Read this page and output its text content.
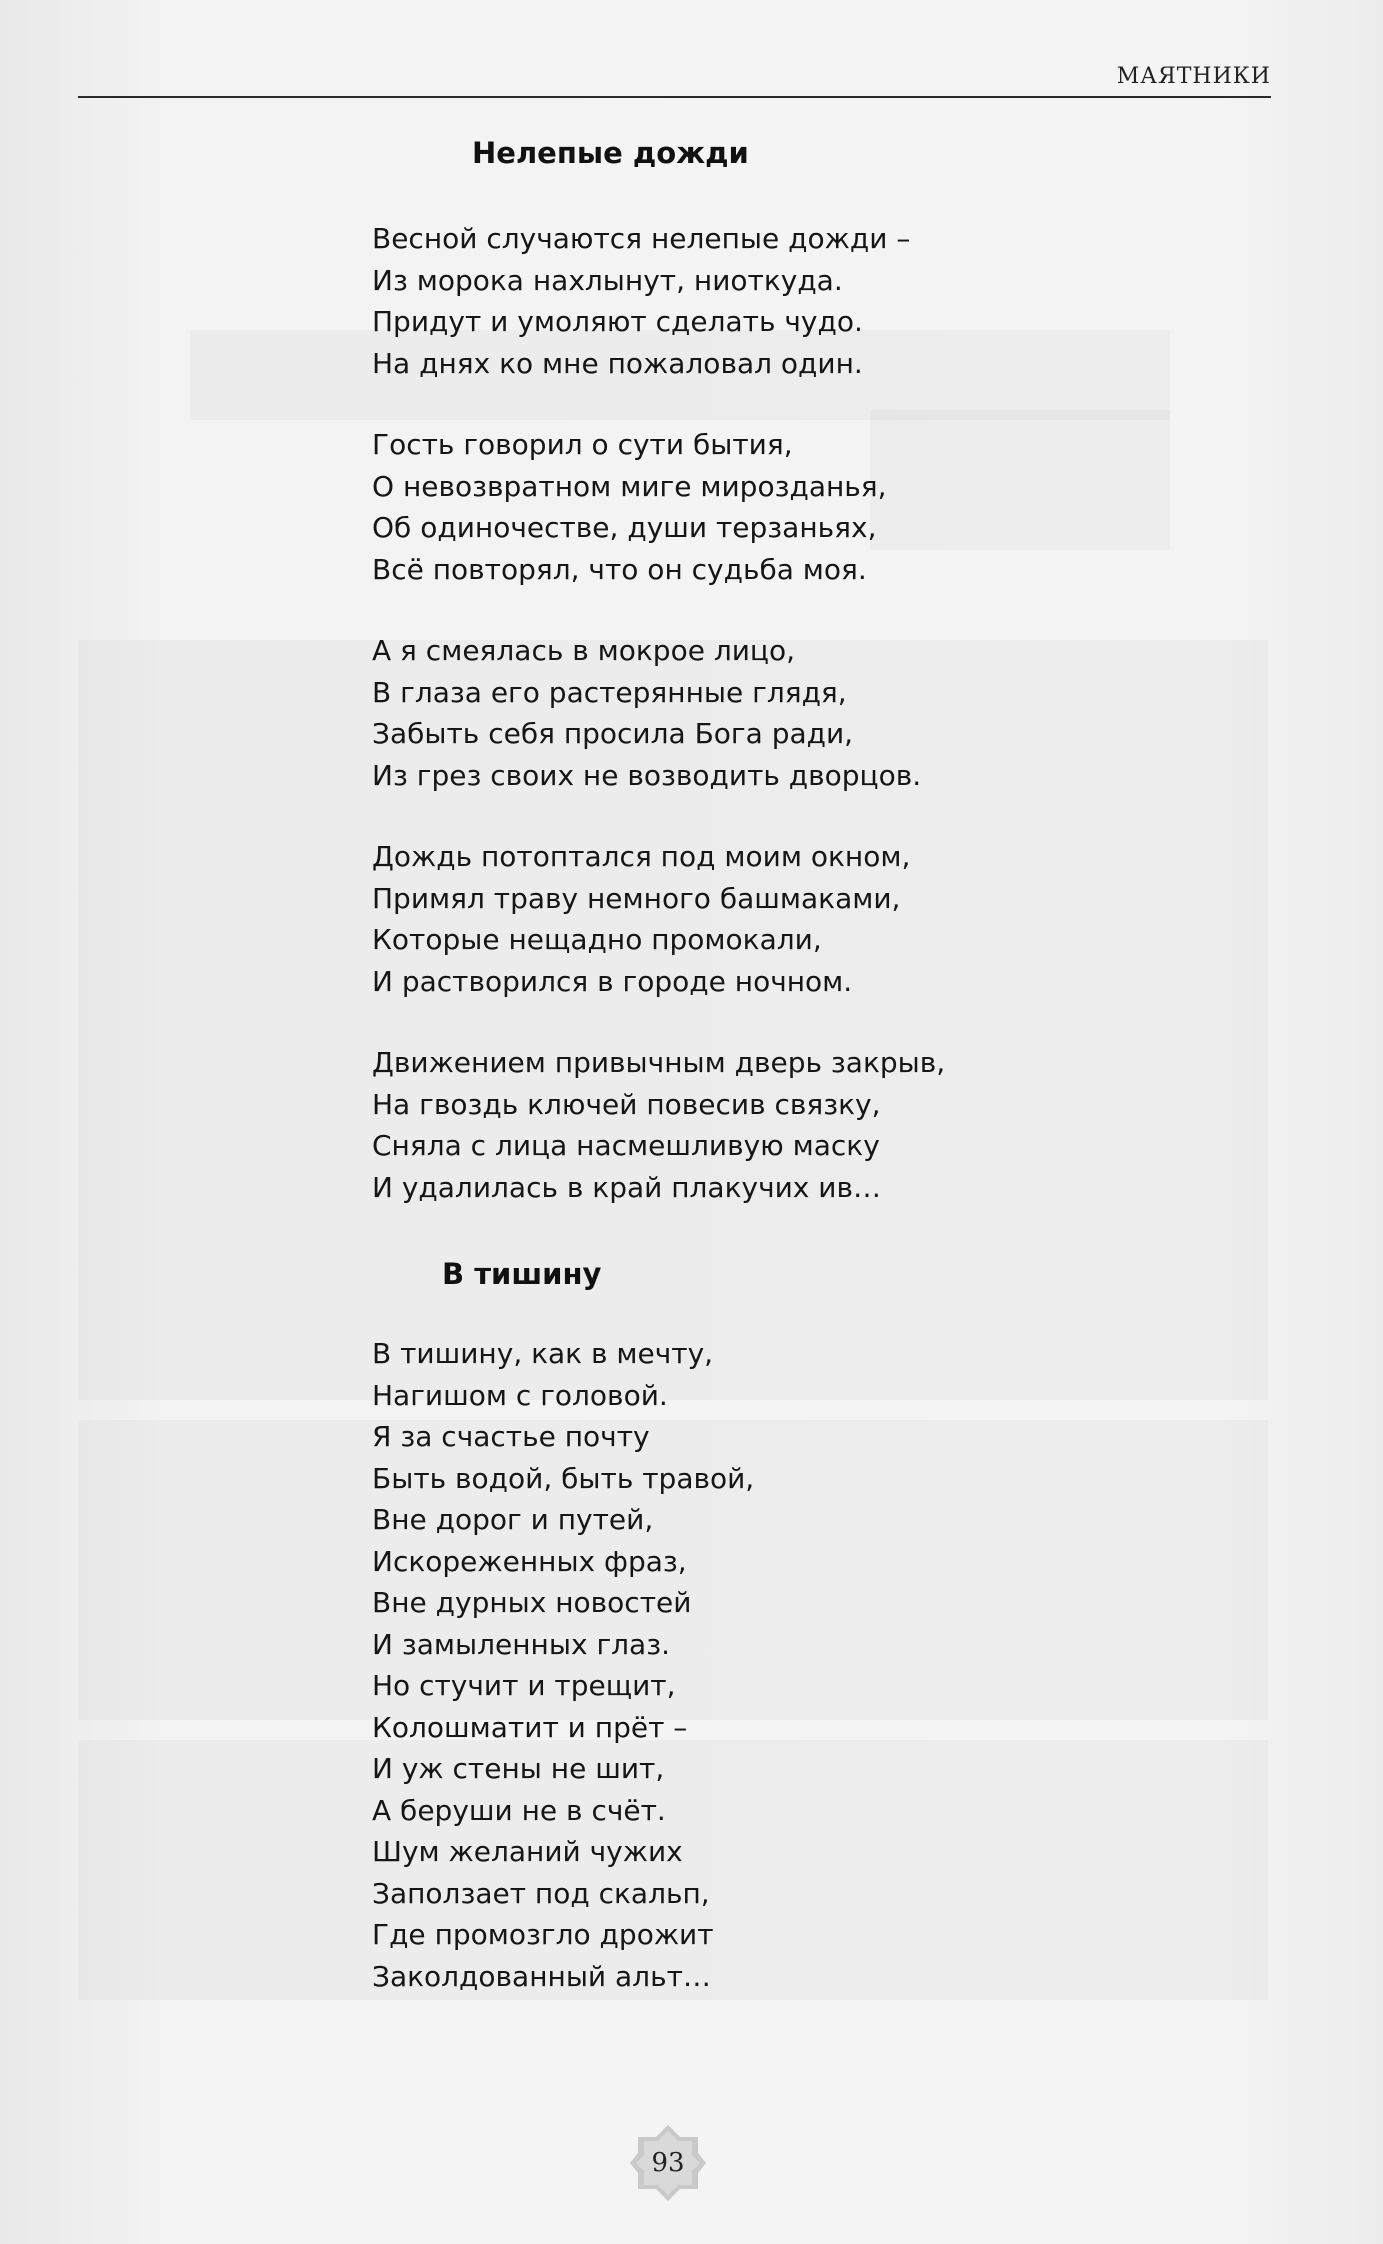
МАЯТНИКИ
Нелепые дожди
Весной случаются нелепые дожди –
Из морока нахлынут, ниоткуда.
Придут и умоляют сделать чудо.
На днях ко мне пожаловал один.
Гость говорил о сути бытия,
О невозвратном миге мирозданья,
Об одиночестве, души терзаньях,
Всё повторял, что он судьба моя.
А я смеялась в мокрое лицо,
В глаза его растерянные глядя,
Забыть себя просила Бога ради,
Из грез своих не возводить дворцов.
Дождь потоптался под моим окном,
Примял траву немного башмаками,
Которые нещадно промокали,
И растворился в городе ночном.
Движением привычным дверь закрыв,
На гвоздь ключей повесив связку,
Сняла с лица насмешливую маску
И удалилась в край плакучих ив…
В тишину
В тишину, как в мечту,
Нагишом с головой.
Я за счастье почту
Быть водой, быть травой,
Вне дорог и путей,
Искореженных фраз,
Вне дурных новостей
И замыленных глаз.
Но стучит и трещит,
Колошматит и прёт –
И уж стены не шит,
А беруши не в счёт.
Шум желаний чужих
Заползает под скальп,
Где промозгло дрожит
Заколдованный альт…
93
